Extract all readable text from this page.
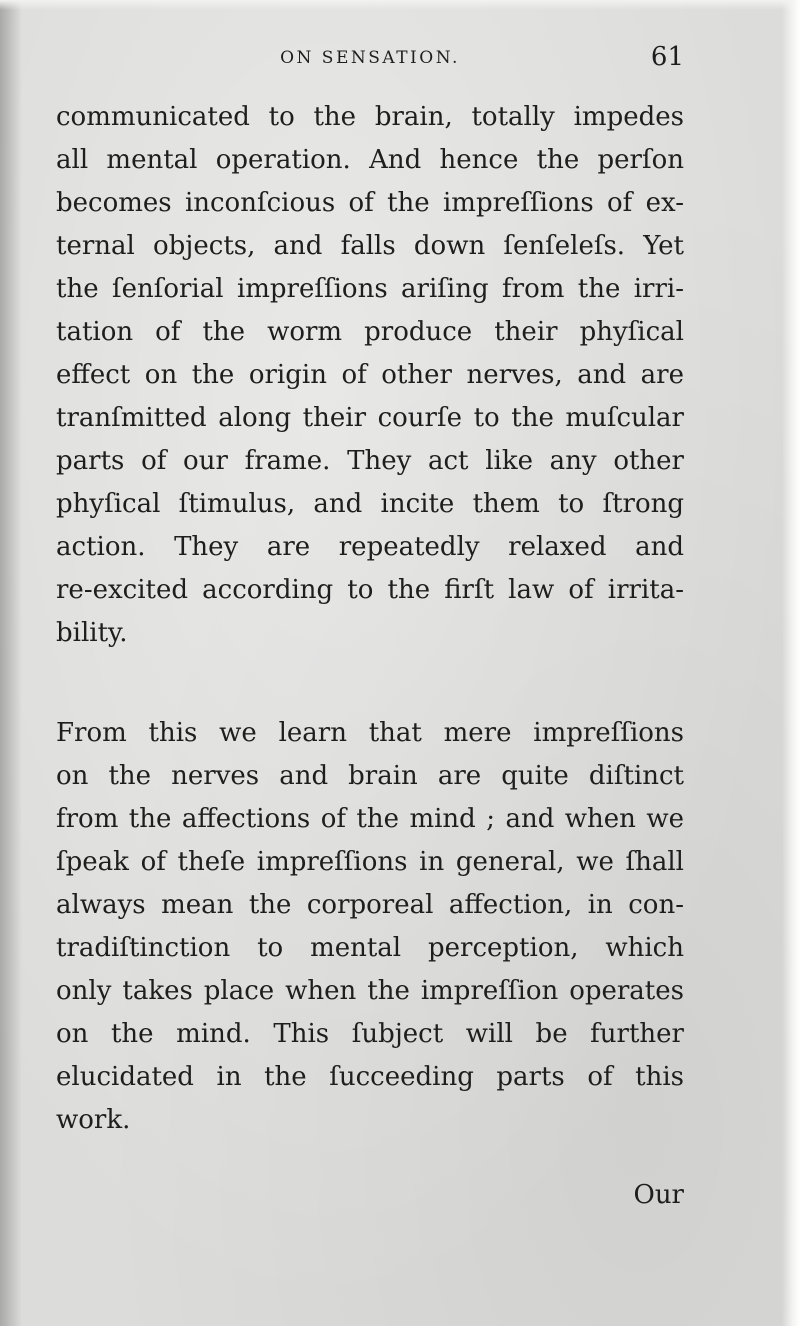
ON SENSATION.	61
communicated to the brain, totally impedes
all mental operation. And hence the perſon
becomes inconſcious of the impreſſions of ex-
ternal objects, and falls down ſenſeleſs. Yet
the ſenſorial impreſſions ariſing from the irri-
tation of the worm produce their phyſical
effect on the origin of other nerves, and are
tranſmitted along their courſe to the muſcular
parts of our frame. They act like any other
phyſical ſtimulus, and incite them to ſtrong
action. They are repeatedly relaxed and
re-excited according to the firſt law of irrita-
bility.
From this we learn that mere impreſſions
on the nerves and brain are quite diſtinct
from the affections of the mind ; and when we
ſpeak of theſe impreſſions in general, we ſhall
always mean the corporeal affection, in con-
tradiſtinction to mental perception, which
only takes place when the impreſſion operates
on the mind. This ſubject will be further
elucidated in the ſucceeding parts of this
work.
Our
